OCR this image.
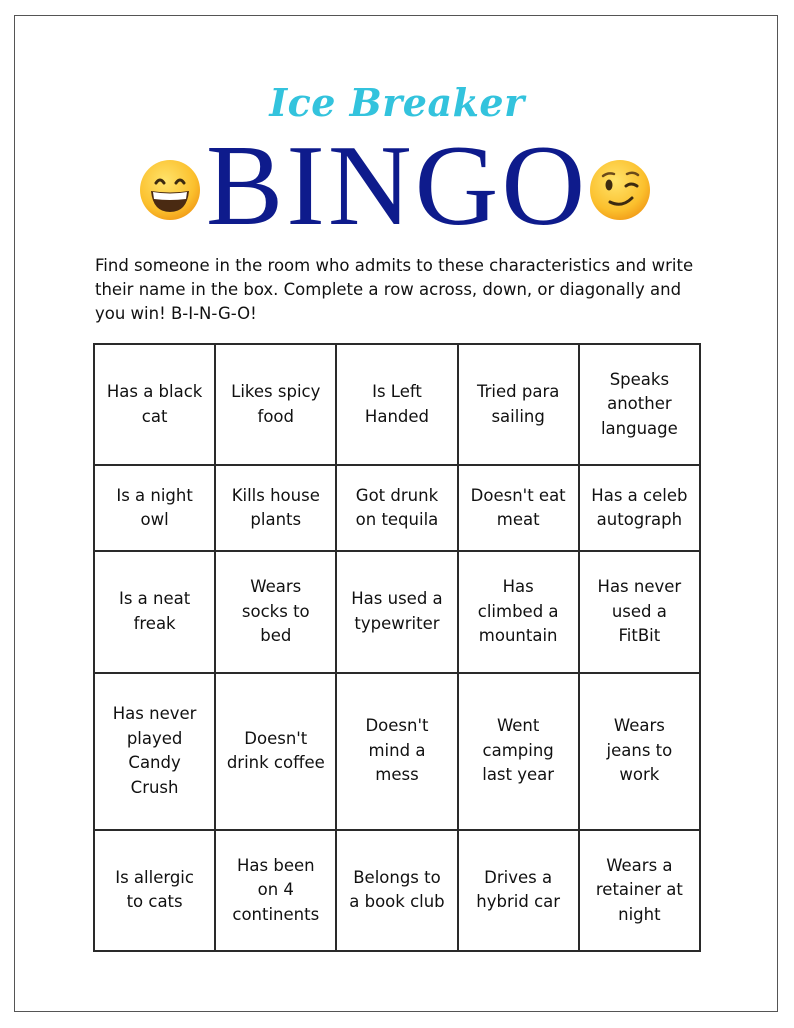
Ice Breaker
BINGO
Find someone in the room who admits to these characteristics and write their name in the box. Complete a row across, down, or diagonally and you win! B-I-N-G-O!
Has a black cat	Likes spicy food	Is Left Handed	Tried para sailing	Speaks another language
Is a night owl	Kills house plants	Got drunk on tequila	Doesn't eat meat	Has a celeb autograph
Is a neat freak	Wears socks to bed	Has used a typewriter	Has climbed a mountain	Has never used a FitBit
Has never played Candy Crush	Doesn't drink coffee	Doesn't mind a mess	Went camping last year	Wears jeans to work
Is allergic to cats	Has been on 4 continents	Belongs to a book club	Drives a hybrid car	Wears a retainer at night
